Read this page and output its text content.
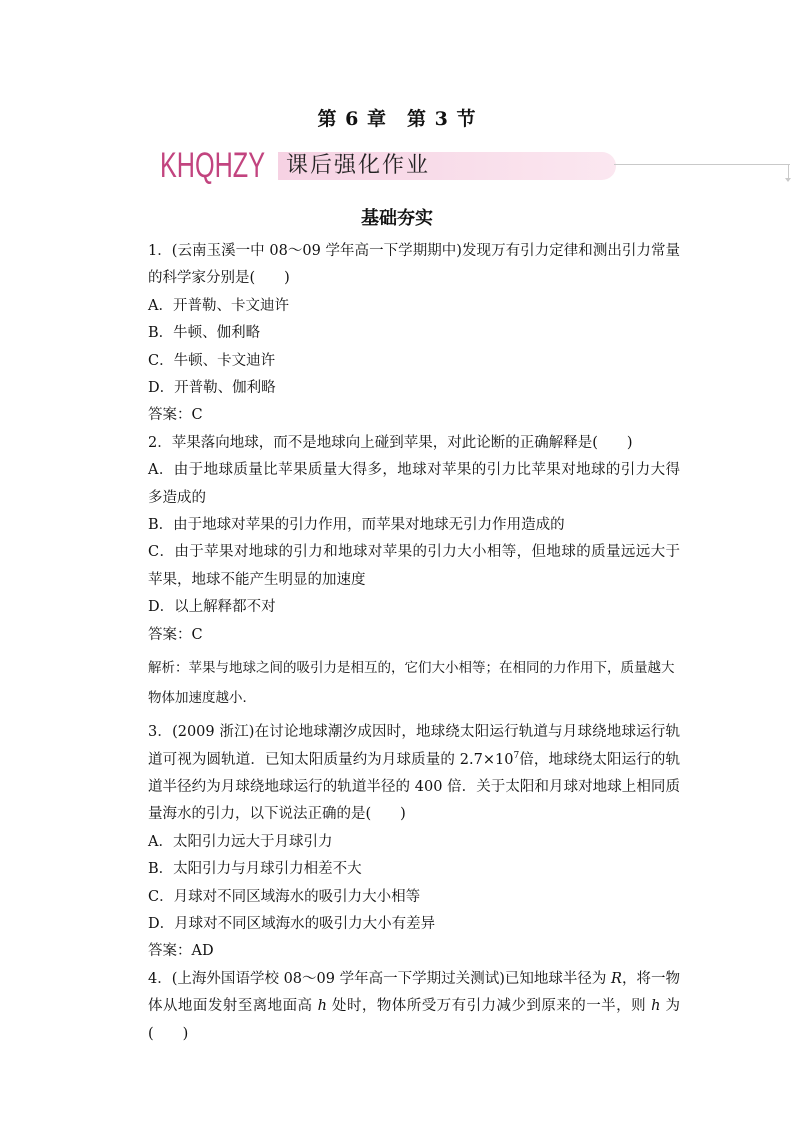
第 6 章　第 3 节
KHQHZY 课后强化作业
基础夯实

1．(云南玉溪一中 08～09 学年高一下学期期中)发现万有引力定律和测出引力常量的科学家分别是(　　)

A．开普勒、卡文迪许

B．牛顿、伽利略

C．牛顿、卡文迪许

D．开普勒、伽利略

答案：C

2．苹果落向地球，而不是地球向上碰到苹果，对此论断的正确解释是(　　)

A．由于地球质量比苹果质量大得多，地球对苹果的引力比苹果对地球的引力大得多造成的

B．由于地球对苹果的引力作用，而苹果对地球无引力作用造成的

C．由于苹果对地球的引力和地球对苹果的引力大小相等，但地球的质量远远大于苹果，地球不能产生明显的加速度

D．以上解释都不对

答案：C

解析：苹果与地球之间的吸引力是相互的，它们大小相等；在相同的力作用下，质量越大物体加速度越小．

3．(2009 浙江)在讨论地球潮汐成因时，地球绕太阳运行轨道与月球绕地球运行轨道可视为圆轨道．已知太阳质量约为月球质量的 $2.7\times 10^7$倍，地球绕太阳运行的轨道半径约为月球绕地球运行的轨道半径的 400 倍．关于太阳和月球对地球上相同质量海水的引力，以下说法正确的是(　　)

A．太阳引力远大于月球引力

B．太阳引力与月球引力相差不大

C．月球对不同区域海水的吸引力大小相等

D．月球对不同区域海水的吸引力大小有差异

答案：AD

4．(上海外国语学校 08～09 学年高一下学期过关测试)已知地球半径为 R，将一物体从地面发射至离地面高 h 处时，物体所受万有引力减少到原来的一半，则 h 为(　　)
